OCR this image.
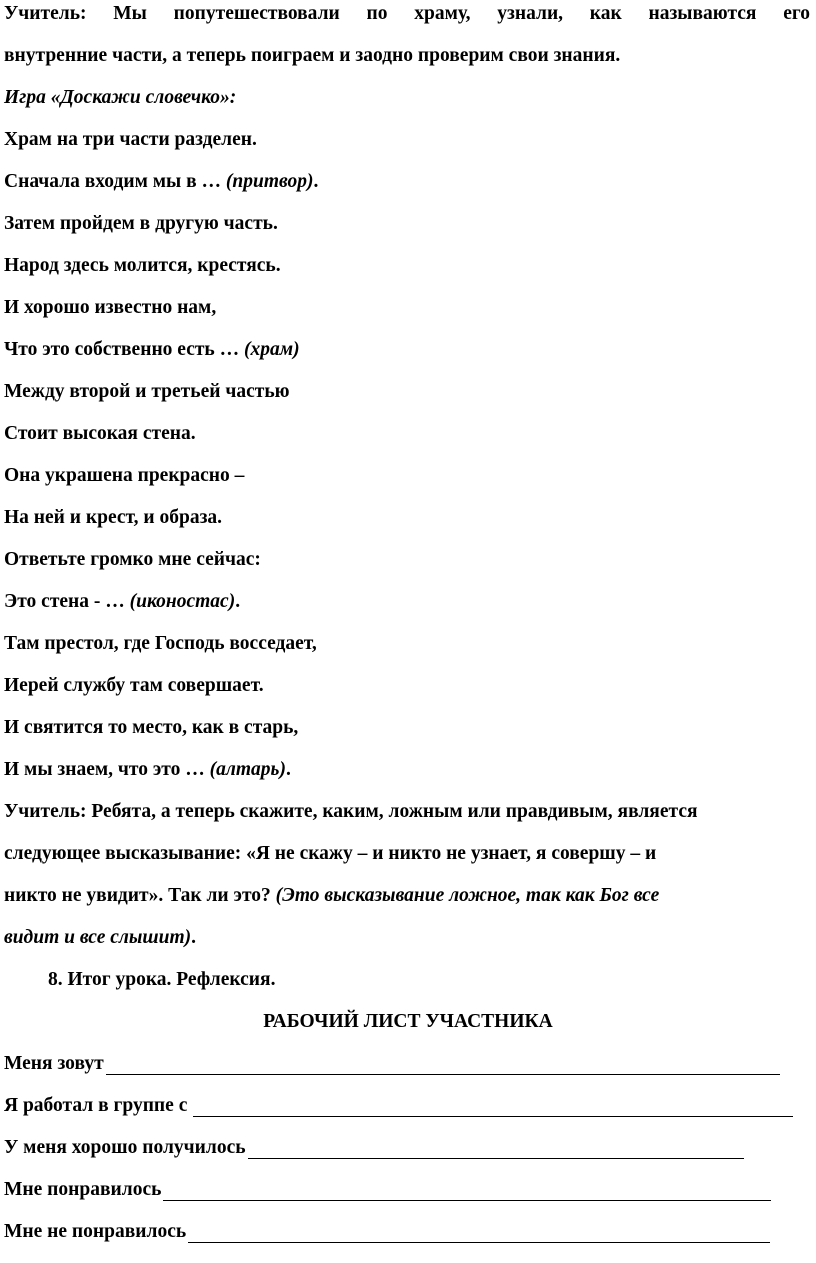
Учитель: Мы попутешествовали по храму, узнали, как называются его
внутренние части, а теперь поиграем и заодно проверим свои знания.
Игра «Доскажи словечко»:
Храм на три части разделен.
Сначала входим мы в … (притвор).
Затем пройдем в другую часть.
Народ здесь молится, крестясь.
И хорошо известно нам,
Что это собственно есть … (храм)
Между второй и третьей частью
Стоит высокая стена.
Она украшена прекрасно –
На ней и крест, и образа.
Ответьте громко мне сейчас:
Это стена - … (иконостас).
Там престол, где Господь восседает,
Иерей службу там совершает.
И святится то место, как в старь,
И мы знаем, что это … (алтарь).
Учитель: Ребята, а теперь скажите, каким, ложным или правдивым, является
следующее высказывание: «Я не скажу – и никто не узнает, я совершу – и
никто не увидит». Так ли это? (Это высказывание ложное, так как Бог все
видит и все слышит).
8. Итог урока. Рефлексия.
РАБОЧИЙ ЛИСТ УЧАСТНИКА
Меня зовут
Я работал в группе с
У меня хорошо получилось
Мне понравилось
Мне не понравилось
